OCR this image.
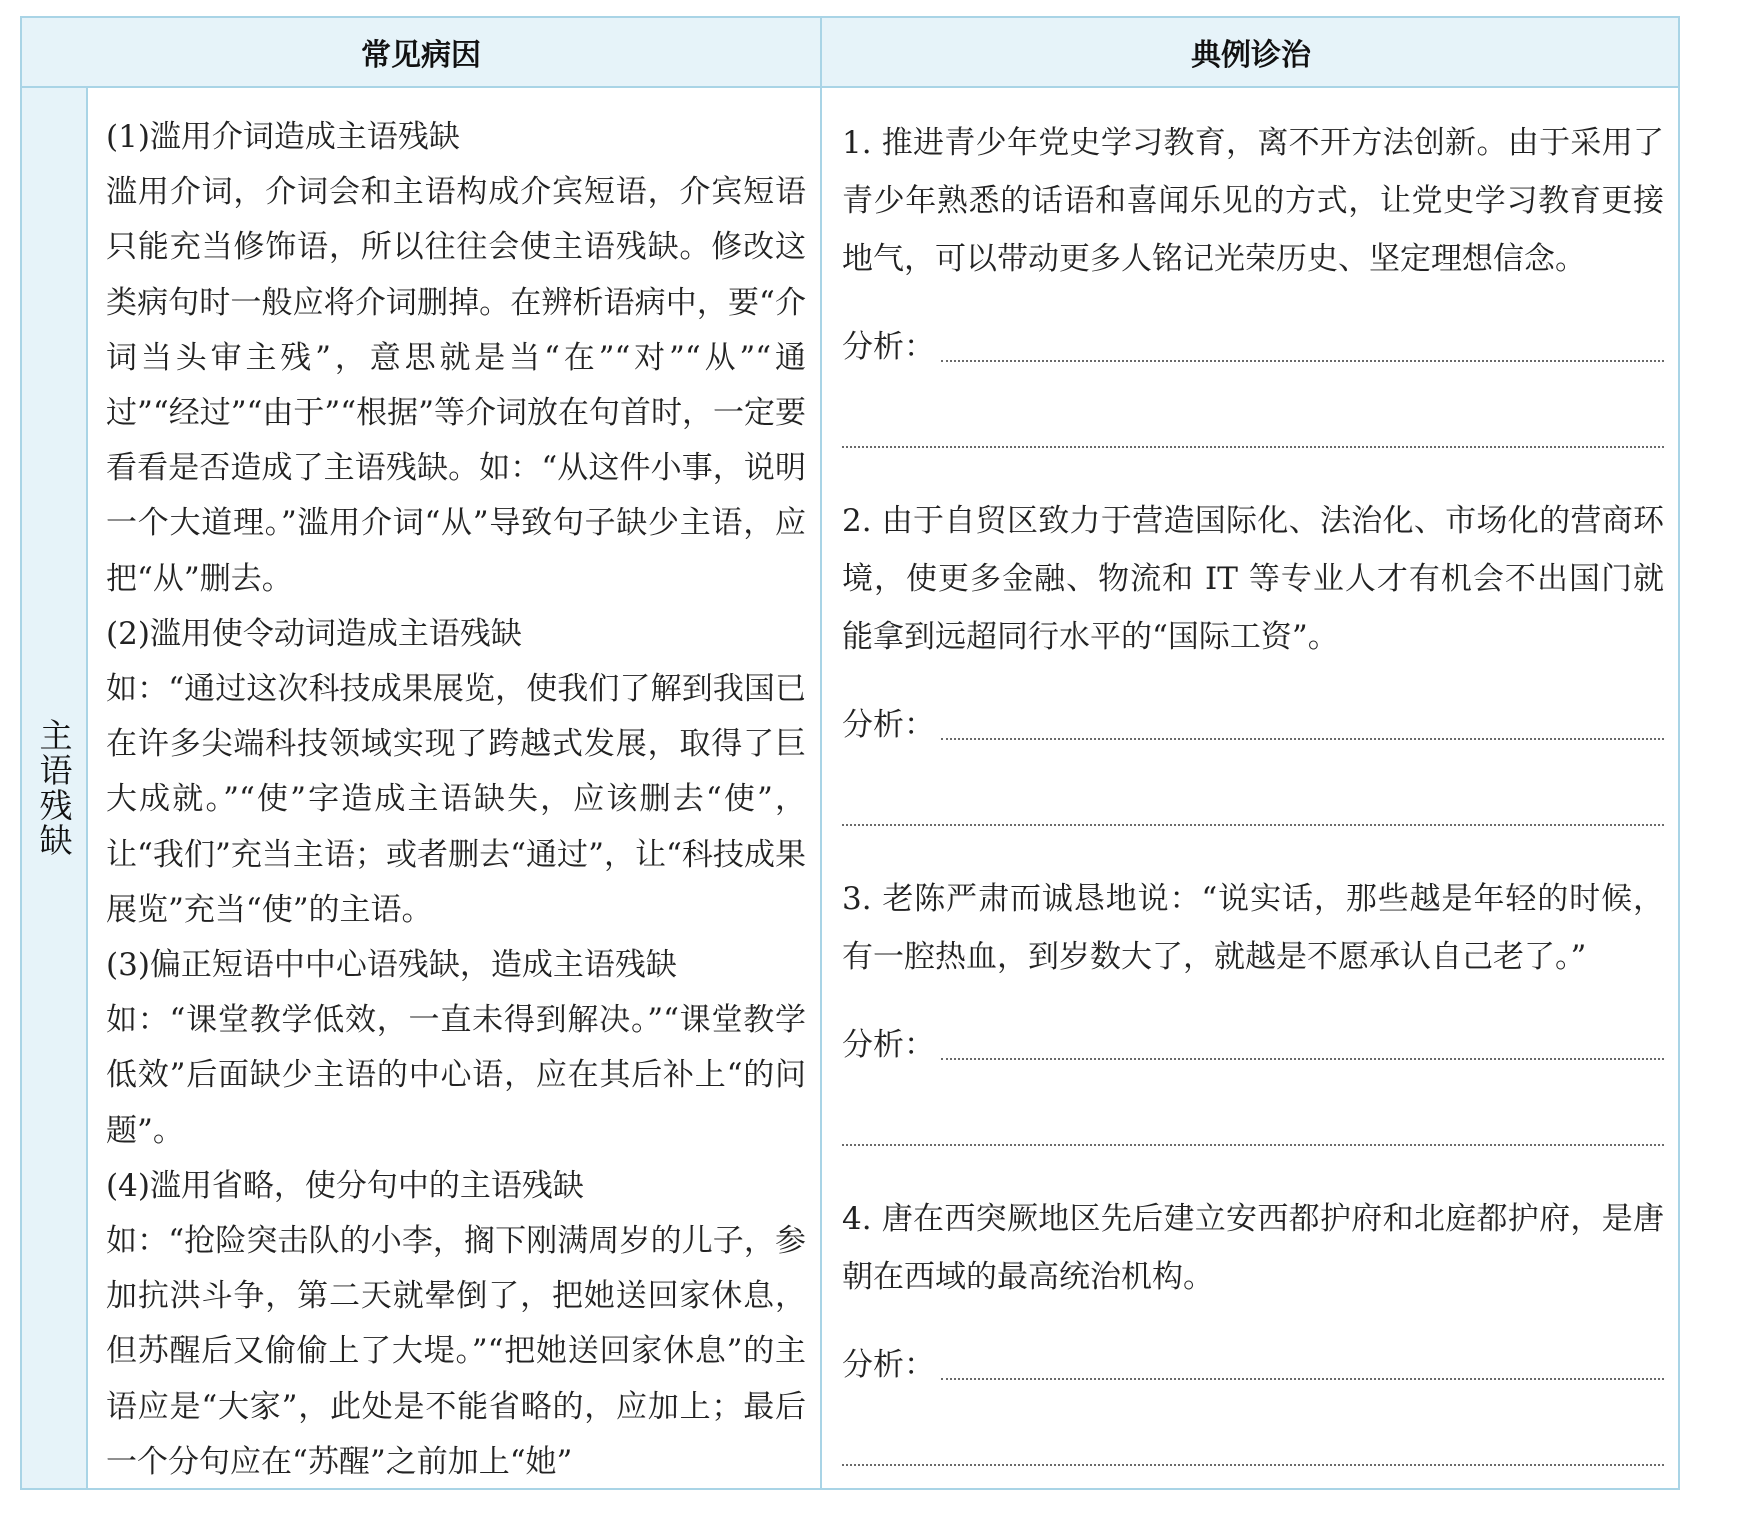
常见病因	典例诊治
主语残缺

(1)滥用介词造成主语残缺

滥用介词，介词会和主语构成介宾短语，介宾短语只能充当修饰语，所以往往会使主语残缺。修改这类病句时一般应将介词删掉。在辨析语病中，要“介词当头审主残”，意思就是当“在”“对”“从”“通过”“经过”“由于”“根据”等介词放在句首时，一定要看看是否造成了主语残缺。如：“从这件小事，说明一个大道理。”滥用介词“从”导致句子缺少主语，应把“从”删去。

(2)滥用使令动词造成主语残缺

如：“通过这次科技成果展览，使我们了解到我国已在许多尖端科技领域实现了跨越式发展，取得了巨大成就。”“使”字造成主语缺失，应该删去“使”，让“我们”充当主语；或者删去“通过”，让“科技成果展览”充当“使”的主语。

(3)偏正短语中中心语残缺，造成主语残缺

如：“课堂教学低效，一直未得到解决。”“课堂教学低效”后面缺少主语的中心语，应在其后补上“的问题”。

(4)滥用省略，使分句中的主语残缺

如：“抢险突击队的小李，搁下刚满周岁的儿子，参加抗洪斗争，第二天就晕倒了，把她送回家休息，但苏醒后又偷偷上了大堤。”“把她送回家休息”的主语应是“大家”，此处是不能省略的，应加上；最后一个分句应在“苏醒”之前加上“她”

1. 推进青少年党史学习教育，离不开方法创新。由于采用了青少年熟悉的话语和喜闻乐见的方式，让党史学习教育更接地气，可以带动更多人铭记光荣历史、坚定理想信念。

分析：

2. 由于自贸区致力于营造国际化、法治化、市场化的营商环境，使更多金融、物流和 IT 等专业人才有机会不出国门就能拿到远超同行水平的“国际工资”。

分析：

3. 老陈严肃而诚恳地说：“说实话，那些越是年轻的时候，有一腔热血，到岁数大了，就越是不愿承认自己老了。”

分析：

4. 唐在西突厥地区先后建立安西都护府和北庭都护府，是唐朝在西域的最高统治机构。

分析：
